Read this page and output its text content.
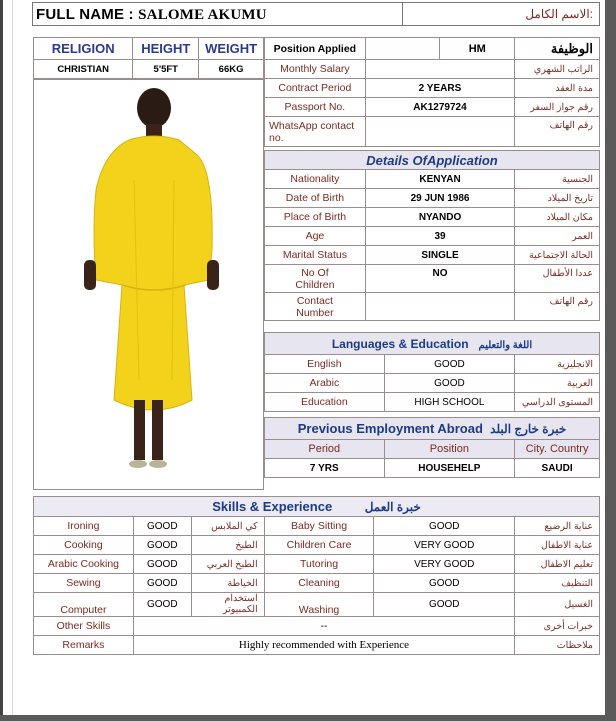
FULL NAME : SALOME AKUMU	الاسم الكامل:
RELIGION	HEIGHT	WEIGHT
CHRISTIAN	5'5FT	66KG
Position Applied		HM	الوظيفة
Monthly Salary			الراتب الشهري
Contract Period	2 YEARS		مدة العقد
Passport No.	AK1279724		رقم جواز السفر
WhatsApp contact no.			رقم الهاتف
Details OfApplication		
Nationality	KENYAN	الجنسية
Date of Birth	29 JUN 1986	تاريخ الميلاد
Place of Birth	NYANDO	مكان الميلاد
Age	39	العمر
Marital Status	SINGLE	الحالة الاجتماعية
No Of Children	NO	عددا الأطفال
Contact Number		رقم الهاتف
Languages & Education اللغة والتعليم		
English	GOOD	الانجليزية
Arabic	GOOD	العربية
Education	HIGH SCHOOL	المستوى الدراسي
Previous Employment Abroad خبرة خارج البلد		
Period	Position	City. Country
7 YRS	HOUSEHELP	SAUDI
Skills & Experience خبرة العمل					
Ironing	GOOD	كي الملابس	Baby Sitting	GOOD	عناية الرضيع
Cooking	GOOD	الطبخ	Children Care	VERY GOOD	عناية الاطفال
Arabic Cooking	GOOD	الطبخ العربي	Tutoring	VERY GOOD	تعليم الاطفال
Sewing	GOOD	الخياطة	Cleaning	GOOD	التنظيف
Computer	GOOD	استخدام الكمبيوتر	Washing	GOOD	الغسيل
Other Skills	--				خبرات أخرى
Remarks	Highly recommended with Experience				ملاحظات
